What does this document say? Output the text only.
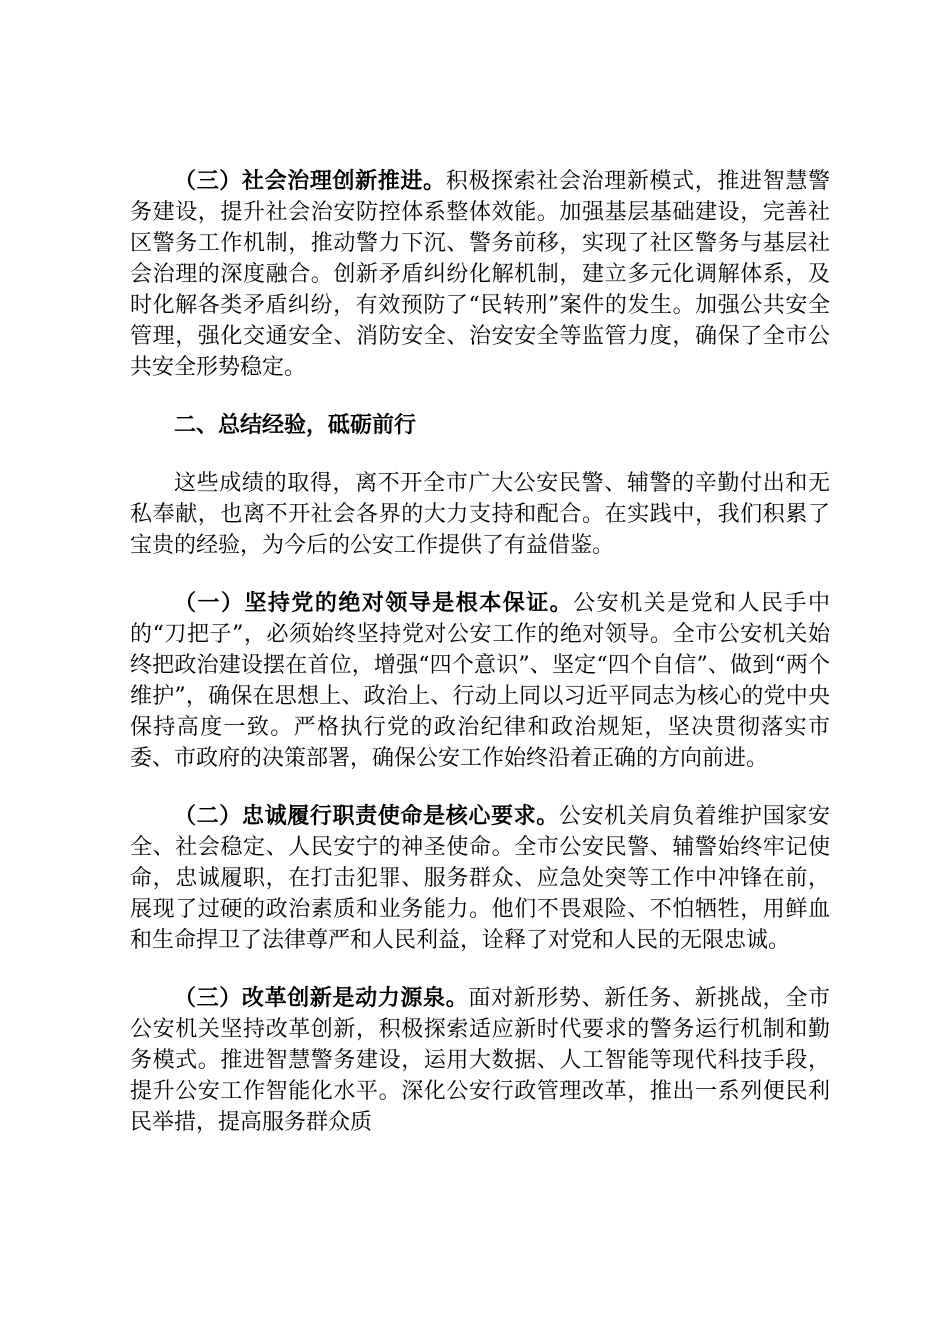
（三）社会治理创新推进。积极探索社会治理新模式，推进智慧警务建设，提升社会治安防控体系整体效能。加强基层基础建设，完善社区警务工作机制，推动警力下沉、警务前移，实现了社区警务与基层社会治理的深度融合。创新矛盾纠纷化解机制，建立多元化调解体系，及时化解各类矛盾纠纷，有效预防了“民转刑”案件的发生。加强公共安全管理，强化交通安全、消防安全、治安安全等监管力度，确保了全市公共安全形势稳定。

二、总结经验，砥砺前行

这些成绩的取得，离不开全市广大公安民警、辅警的辛勤付出和无私奉献，也离不开社会各界的大力支持和配合。在实践中，我们积累了宝贵的经验，为今后的公安工作提供了有益借鉴。

（一）坚持党的绝对领导是根本保证。公安机关是党和人民手中的“刀把子”，必须始终坚持党对公安工作的绝对领导。全市公安机关始终把政治建设摆在首位，增强“四个意识”、坚定“四个自信”、做到“两个维护”，确保在思想上、政治上、行动上同以习近平同志为核心的党中央保持高度一致。严格执行党的政治纪律和政治规矩，坚决贯彻落实市委、市政府的决策部署，确保公安工作始终沿着正确的方向前进。

（二）忠诚履行职责使命是核心要求。公安机关肩负着维护国家安全、社会稳定、人民安宁的神圣使命。全市公安民警、辅警始终牢记使命，忠诚履职，在打击犯罪、服务群众、应急处突等工作中冲锋在前，展现了过硬的政治素质和业务能力。他们不畏艰险、不怕牺牲，用鲜血和生命捍卫了法律尊严和人民利益，诠释了对党和人民的无限忠诚。

（三）改革创新是动力源泉。面对新形势、新任务、新挑战，全市公安机关坚持改革创新，积极探索适应新时代要求的警务运行机制和勤务模式。推进智慧警务建设，运用大数据、人工智能等现代科技手段，提升公安工作智能化水平。深化公安行政管理改革，推出一系列便民利民举措，提高服务群众质
